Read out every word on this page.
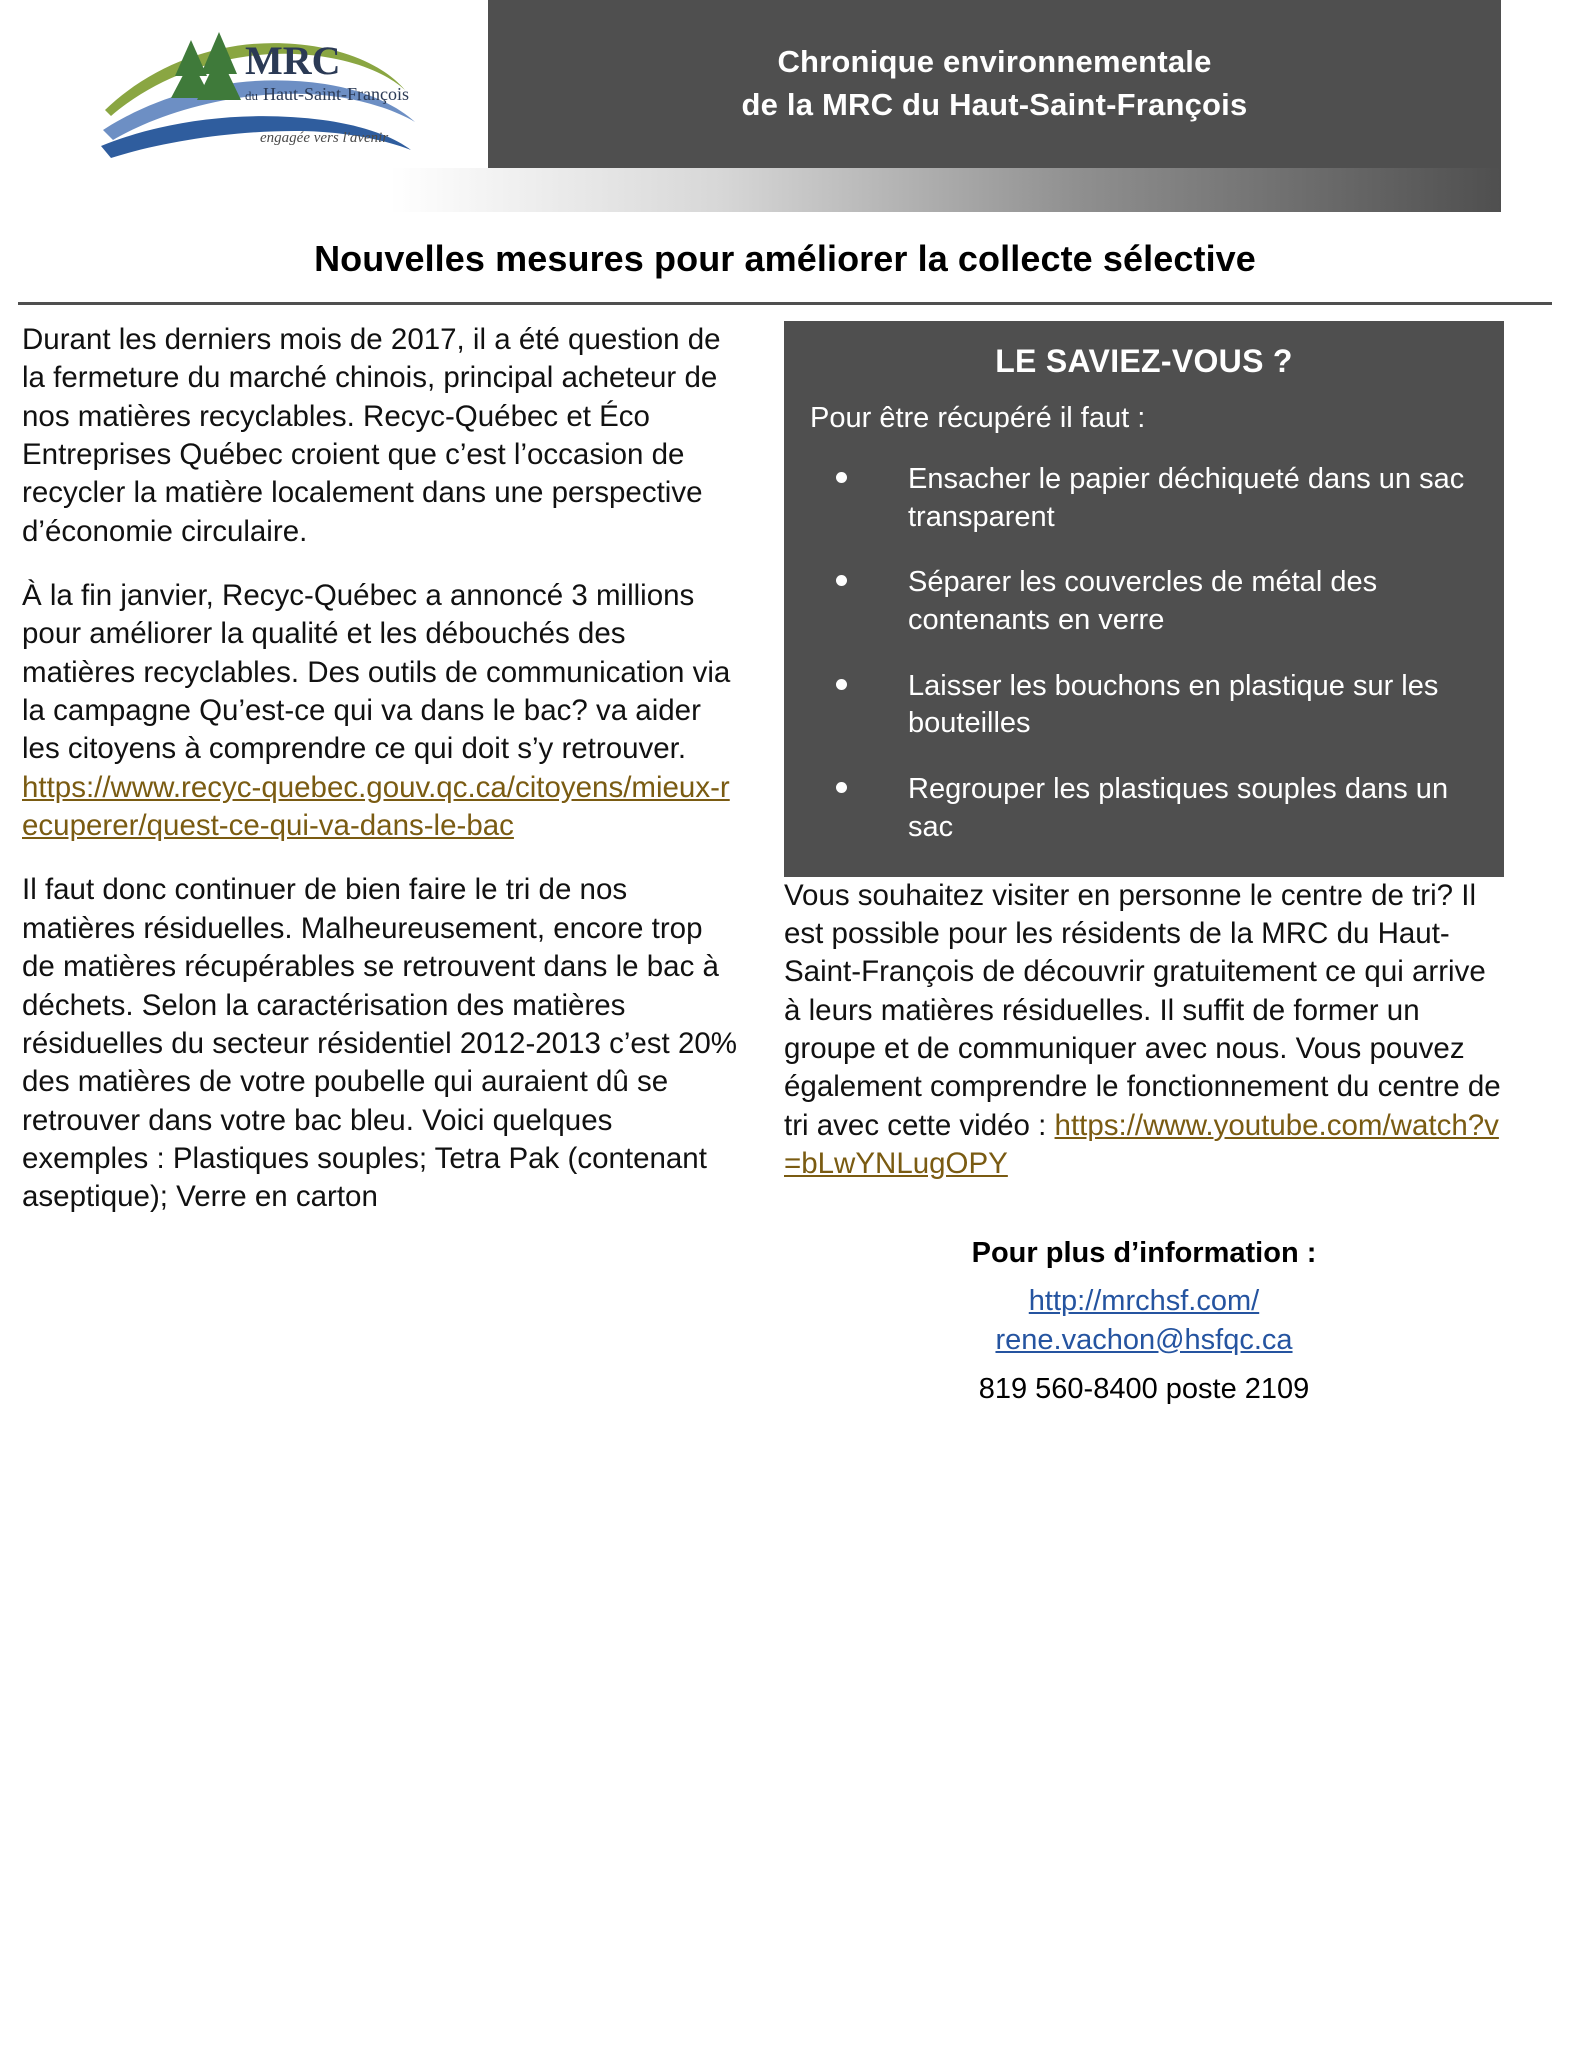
MRC
du Haut-Saint-François
engagée vers l'avenir
Chronique environnementale
de la MRC du Haut-Saint-François
Nouvelles mesures pour améliorer la collecte sélective

Durant les derniers mois de 2017, il a été question de la fermeture du marché chinois, principal acheteur de nos matières recyclables. Recyc-Québec et Éco Entreprises Québec croient que c’est l’occasion de recycler la matière localement dans une perspective d’économie circulaire.

À la fin janvier, Recyc-Québec a annoncé 3 millions pour améliorer la qualité et les débouchés des matières recyclables. Des outils de communication via la campagne Qu’est-ce qui va dans le bac? va aider les citoyens à comprendre ce qui doit s’y retrouver.

https://www.recyc-quebec.gouv.qc.ca/citoyens/mieux-recuperer/quest-ce-qui-va-dans-le-bac

Il faut donc continuer de bien faire le tri de nos matières résiduelles. Malheureusement, encore trop de matières récupérables se retrouvent dans le bac à déchets. Selon la caractérisation des matières résiduelles du secteur résidentiel 2012-2013 c’est 20% des matières de votre poubelle qui auraient dû se retrouver dans votre bac bleu. Voici quelques exemples : Plastiques souples; Tetra Pak (contenant aseptique); Verre en carton

LE SAVIEZ-VOUS ?
Pour être récupéré il faut :
Ensacher le papier déchiqueté dans un sac transparent
Séparer les couvercles de métal des contenants en verre
Laisser les bouchons en plastique sur les bouteilles
Regrouper les plastiques souples dans un sac

Vous souhaitez visiter en personne le centre de tri? Il est possible pour les résidents de la MRC du Haut-Saint-François de découvrir gratuitement ce qui arrive à leurs matières résiduelles. Il suffit de former un groupe et de communiquer avec nous. Vous pouvez également comprendre le fonctionnement du centre de tri avec cette vidéo : https://www.youtube.com/watch?v=bLwYNLugOPY

Pour plus d’information :
http://mrchsf.com/
rene.vachon@hsfqc.ca
819 560-8400 poste 2109
